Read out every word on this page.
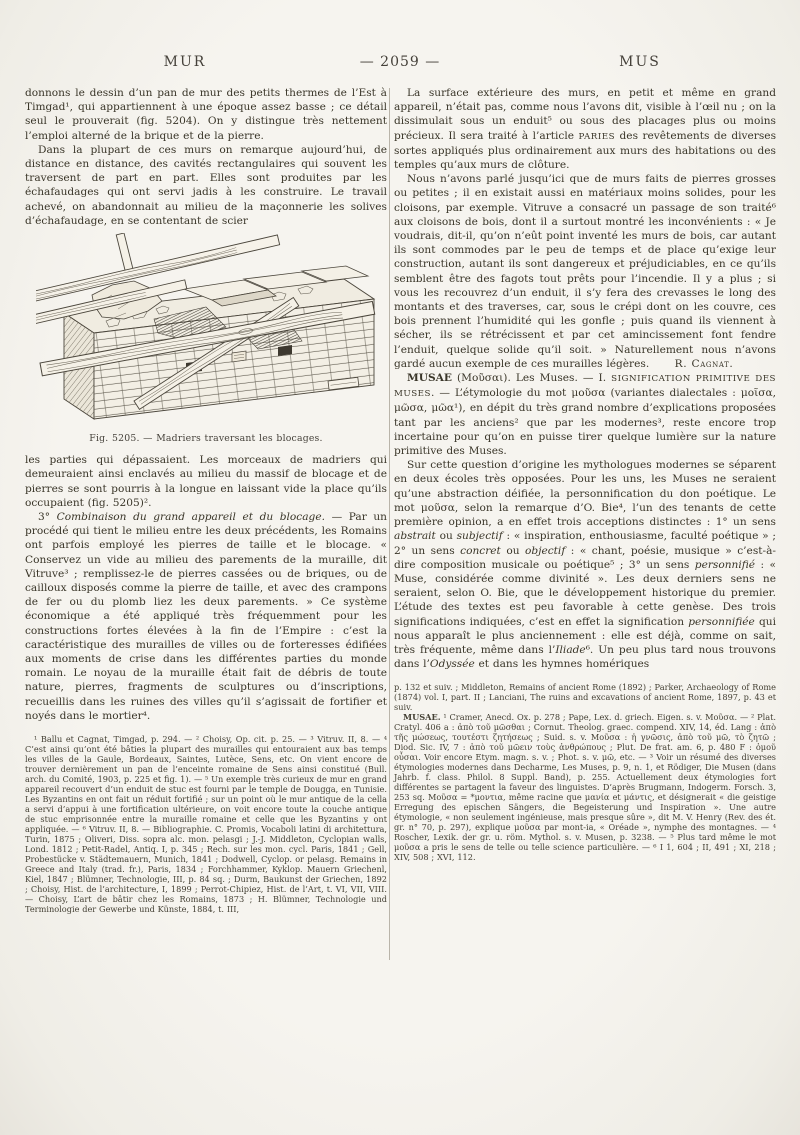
MUR	— 2059 —	MUS

donnons le dessin d’un pan de mur des petits thermes de l’Est à Timgad¹, qui appartiennent à une époque assez basse ; ce détail seul le prouverait (fig. 5204). On y distingue très nettement l’emploi alterné de la brique et de la pierre.

Dans la plupart de ces murs on remarque aujourd’hui, de distance en distance, des cavités rectangulaires qui souvent les traversent de part en part. Elles sont produites par les échafaudages qui ont servi jadis à les construire. Le travail achevé, on abandonnait au milieu de la maçonnerie les solives d’échafaudage, en se contentant de scier

Fig. 5205. — Madriers traversant les blocages.

les parties qui dépassaient. Les morceaux de madriers qui demeuraient ainsi enclavés au milieu du massif de blocage et de pierres se sont pourris à la longue en laissant vide la place qu’ils occupaient (fig. 5205)².

3° Combinaison du grand appareil et du blocage. — Par un procédé qui tient le milieu entre les deux précédents, les Romains ont parfois employé les pierres de taille et le blocage. « Conservez un vide au milieu des parements de la muraille, dit Vitruve³ ; remplissez-le de pierres cassées ou de briques, ou de cailloux disposés comme la pierre de taille, et avec des crampons de fer ou du plomb liez les deux parements. » Ce système économique a été appliqué très fréquemment pour les constructions fortes élevées à la fin de l’Empire : c’est la caractéristique des murailles de villes ou de forteresses édifiées aux moments de crise dans les différentes parties du monde romain. Le noyau de la muraille était fait de débris de toute nature, pierres, fragments de sculptures ou d’inscriptions, recueillis dans les ruines des villes qu’il s’agissait de fortifier et noyés dans le mortier⁴.

¹ Ballu et Cagnat, Timgad, p. 294. — ² Choisy, Op. cit. p. 25. — ³ Vitruv. II, 8. — ⁴ C’est ainsi qu’ont été bâties la plupart des murailles qui entouraient aux bas temps les villes de la Gaule, Bordeaux, Saintes, Lutèce, Sens, etc. On vient encore de trouver dernièrement un pan de l’enceinte romaine de Sens ainsi constitué (Bull. arch. du Comité, 1903, p. 225 et fig. 1). — ⁵ Un exemple très curieux de mur en grand appareil recouvert d’un enduit de stuc est fourni par le temple de Dougga, en Tunisie. Les Byzantins en ont fait un réduit fortifié ; sur un point où le mur antique de la cella a servi d’appui à une fortification ultérieure, on voit encore toute la couche antique de stuc emprisonnée entre la muraille romaine et celle que les Byzantins y ont appliquée. — ⁶ Vitruv. II, 8. — Bibliographie. C. Promis, Vocaboli latini di architettura, Turin, 1875 ; Oliveri, Diss. sopra alc. mon. pelasgi ; J.-J. Middleton, Cyclopian walls, Lond. 1812 ; Petit-Radel, Antiq. I, p. 345 ; Rech. sur les mon. cycl. Paris, 1841 ; Gell, Probestücke v. Städtemauern, Munich, 1841 ; Dodwell, Cyclop. or pelasg. Remains in Greece and Italy (trad. fr.), Paris, 1834 ; Forchhammer, Kyklop. Mauern Griechenl, Kiel, 1847 ; Blümner, Technologie, III, p. 84 sq. ; Durm, Baukunst der Griechen, 1892 ; Choisy, Hist. de l’architecture, I, 1899 ; Perrot-Chipiez, Hist. de l’Art, t. VI, VII, VIII. — Choisy, L’art de bâtir chez les Romains, 1873 ; H. Blümner, Technologie und Terminologie der Gewerbe und Künste, 1884, t. III,

La surface extérieure des murs, en petit et même en grand appareil, n’était pas, comme nous l’avons dit, visible à l’œil nu ; on la dissimulait sous un enduit⁵ ou sous des placages plus ou moins précieux. Il sera traité à l’article PARIES des revêtements de diverses sortes appliqués plus ordinairement aux murs des habitations ou des temples qu’aux murs de clôture.

Nous n’avons parlé jusqu’ici que de murs faits de pierres grosses ou petites ; il en existait aussi en matériaux moins solides, pour les cloisons, par exemple. Vitruve a consacré un passage de son traité⁶ aux cloisons de bois, dont il a surtout montré les inconvénients : « Je voudrais, dit-il, qu’on n’eût point inventé les murs de bois, car autant ils sont commodes par le peu de temps et de place qu’exige leur construction, autant ils sont dangereux et préjudiciables, en ce qu’ils semblent être des fagots tout prêts pour l’incendie. Il y a plus ; si vous les recouvrez d’un enduit, il s’y fera des crevasses le long des montants et des traverses, car, sous le crépi dont on les couvre, ces bois prennent l’humidité qui les gonfle ; puis quand ils viennent à sécher, ils se rétrécissent et par cet amincissement font fendre l’enduit, quelque solide qu’il soit. » Naturellement nous n’avons gardé aucun exemple de ces murailles légères. R. Cagnat.

MUSAE (Μοῦσαι). Les Muses. — I. SIGNIFICATION PRIMITIVE DES MUSES. — L’étymologie du mot μοῦσα (variantes dialectales : μοῖσα, μῶσα, μῶα¹), en dépit du très grand nombre d’explications proposées tant par les anciens² que par les modernes³, reste encore trop incertaine pour qu’on en puisse tirer quelque lumière sur la nature primitive des Muses.

Sur cette question d’origine les mythologues modernes se séparent en deux écoles très opposées. Pour les uns, les Muses ne seraient qu’une abstraction déifiée, la personnification du don poétique. Le mot μοῦσα, selon la remarque d’O. Bie⁴, l’un des tenants de cette première opinion, a en effet trois acceptions distinctes : 1° un sens abstrait ou subjectif : « inspiration, enthousiasme, faculté poétique » ; 2° un sens concret ou objectif : « chant, poésie, musique » c’est-à-dire composition musicale ou poétique⁵ ; 3° un sens personnifié : « Muse, considérée comme divinité ». Les deux derniers sens ne seraient, selon O. Bie, que le développement historique du premier. L’étude des textes est peu favorable à cette genèse. Des trois significations indiquées, c’est en effet la signification personnifiée qui nous apparaît le plus anciennement : elle est déjà, comme on sait, très fréquente, même dans l’Iliade⁶. Un peu plus tard nous trouvons dans l’Odyssée et dans les hymnes homériques

p. 132 et suiv. ; Middleton, Remains of ancient Rome (1892) ; Parker, Archaeology of Rome (1874) vol. I, part. II ; Lanciani, The ruins and excavations of ancient Rome, 1897, p. 43 et suiv.

MUSAE. ¹ Cramer, Anecd. Ox. p. 278 ; Pape, Lex. d. griech. Eigen. s. v. Μοῦσα. — ² Plat. Cratyl. 406 a : ἀπὸ τοῦ μῶσθαι ; Cornut. Theolog. graec. compend. XIV, 14, éd. Lang : ἀπὸ τῆς μώσεως, τουτέστι ζητήσεως ; Suid. s. v. Μοῦσα : ἡ γνῶσις, ἀπὸ τοῦ μῶ, τὸ ζητῶ ; Diod. Sic. IV, 7 : ἀπὸ τοῦ μῶειν τοὺς ἀνθρώπους ; Plut. De frat. am. 6, p. 480 F : ὁμοῦ οὖσαι. Voir encore Etym. magn. s. v. ; Phot. s. v. μῶ, etc. — ³ Voir un résumé des diverses étymologies modernes dans Decharme, Les Muses, p. 9, n. 1, et Rödiger, Die Musen (dans Jahrb. f. class. Philol. 8 Suppl. Band), p. 255. Actuellement deux étymologies fort différentes se partagent la faveur des linguistes. D’après Brugmann, Indogerm. Forsch. 3, 253 sq. Μοῦσα = *μοντια, même racine que μανία et μάντις, et désignerait « die geistige Erregung des epischen Sängers, die Begeisterung und Inspiration ». Une autre étymologie, « non seulement ingénieuse, mais presque sûre », dit M. V. Henry (Rev. des ét. gr. n° 70, p. 297), explique μοῦσα par mont-ia, « Oréade », nymphe des montagnes. — ⁴ Roscher, Lexik. der gr. u. röm. Mythol. s. v. Musen, p. 3238. — ⁵ Plus tard même le mot μοῦσα a pris le sens de telle ou telle science particulière. — ⁶ I 1, 604 ; II, 491 ; XI, 218 ; XIV, 508 ; XVI, 112.
